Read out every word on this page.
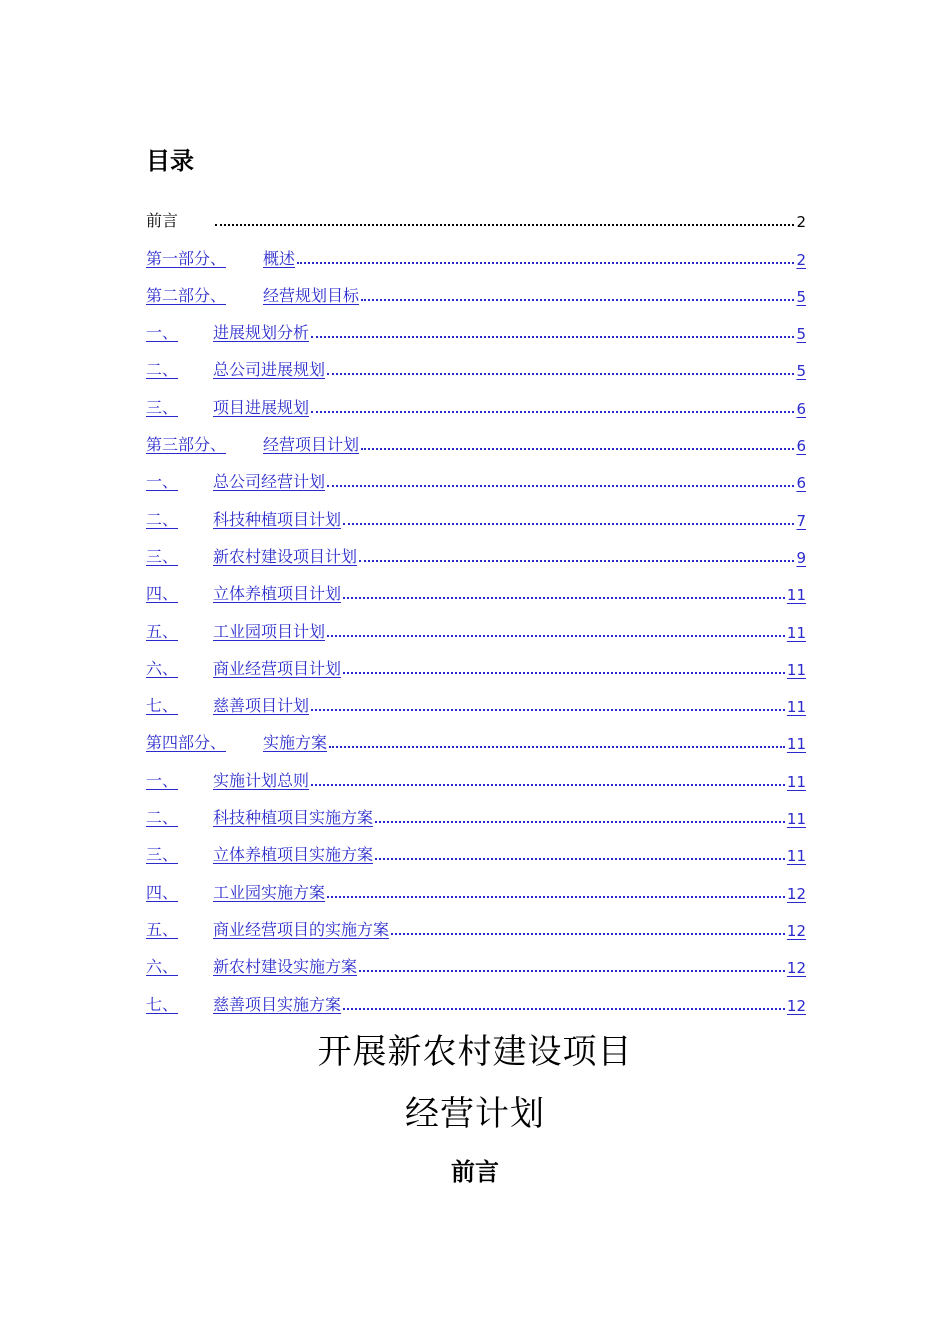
目录
前言	2
第一部分、	概述	2
第二部分、	经营规划目标	5
一、	进展规划分析	5
二、	总公司进展规划	5
三、	项目进展规划	6
第三部分、	经营项目计划	6
一、	总公司经营计划	6
二、	科技种植项目计划	7
三、	新农村建设项目计划	9
四、	立体养植项目计划	11
五、	工业园项目计划	11
六、	商业经营项目计划	11
七、	慈善项目计划	11
第四部分、	实施方案	11
一、	实施计划总则	11
二、	科技种植项目实施方案	11
三、	立体养植项目实施方案	11
四、	工业园实施方案	12
五、	商业经营项目的实施方案	12
六、	新农村建设实施方案	12
七、	慈善项目实施方案	12
开展新农村建设项目
经营计划
前言
